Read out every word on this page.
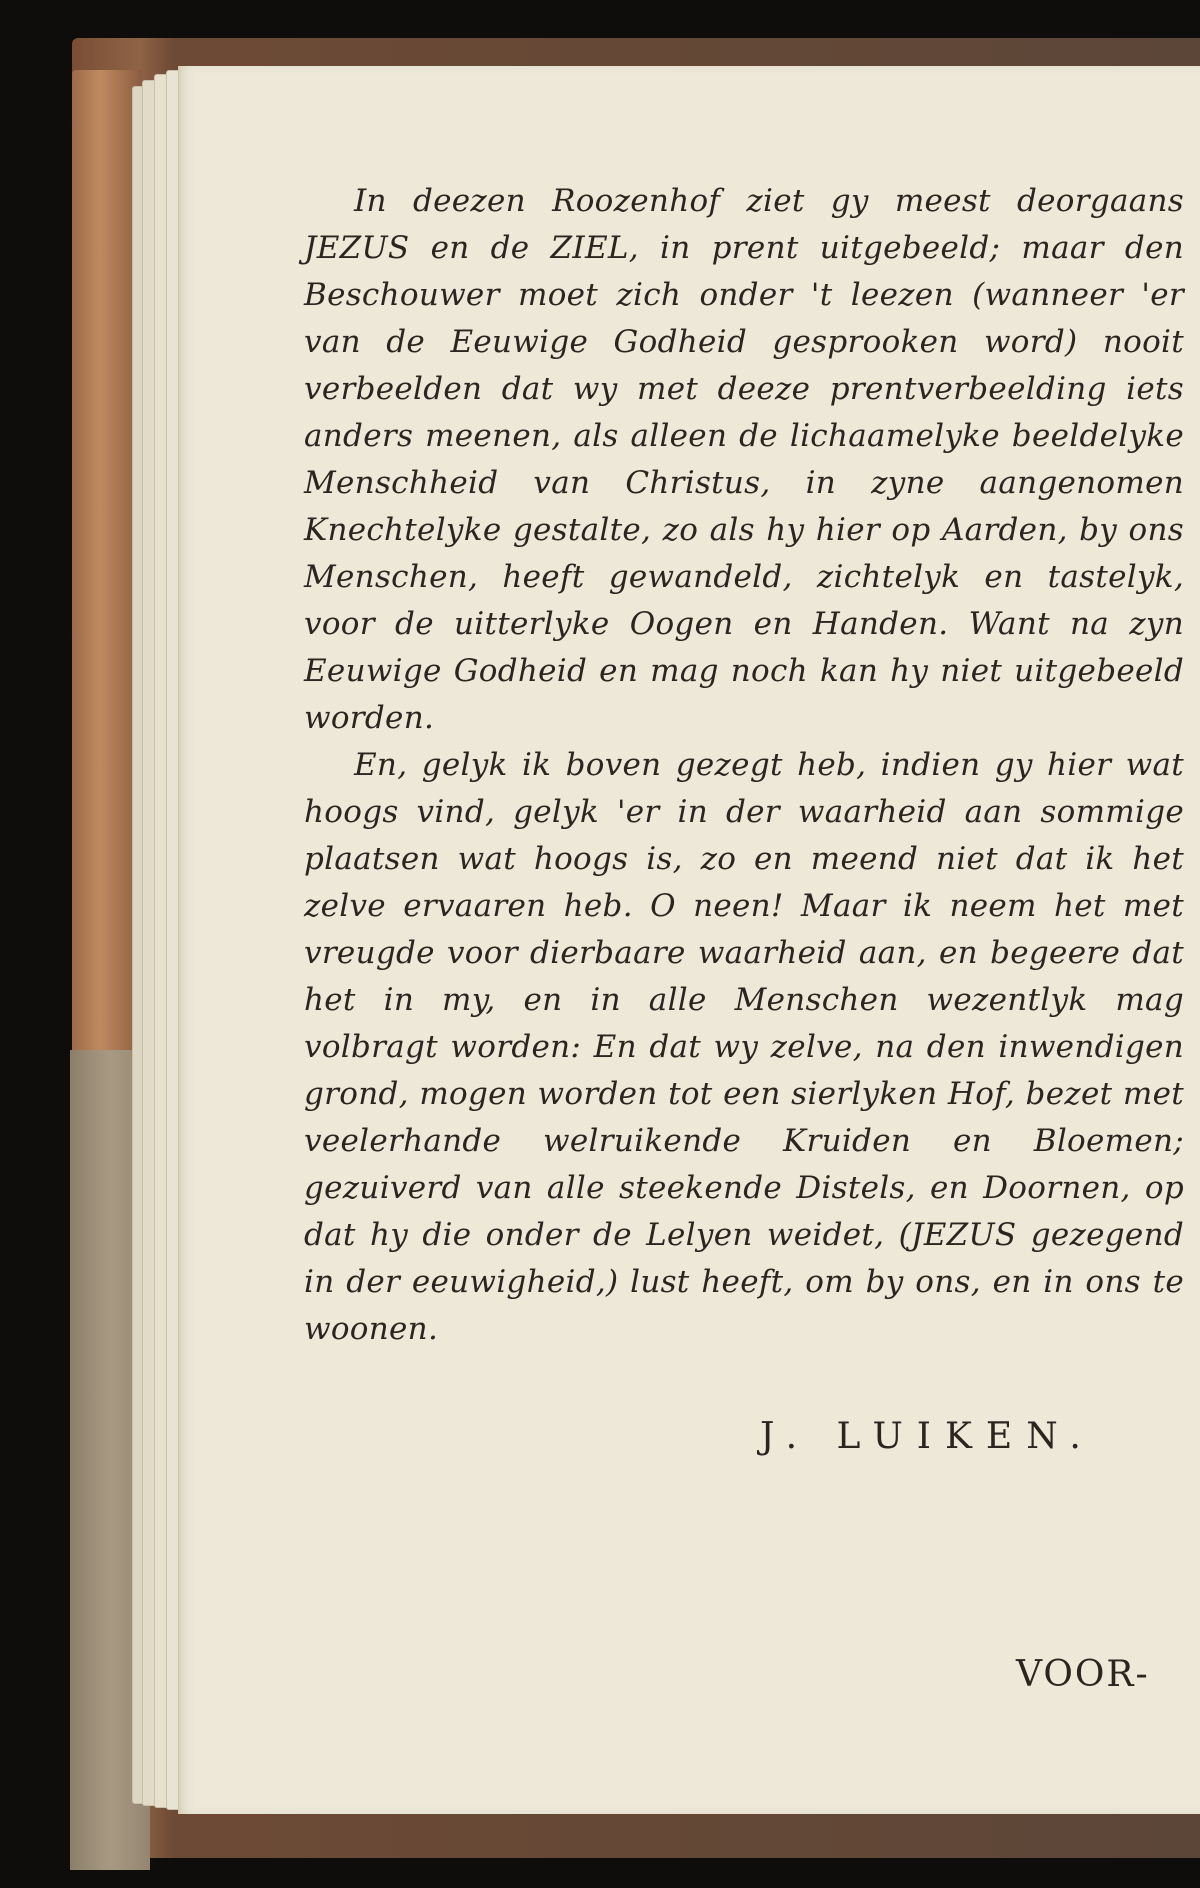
In deezen Roozenhof ziet gy meest deorgaans JEZUS en de ZIEL, in prent uitgebeeld; maar den Beschouwer moet zich onder 't leezen (wanneer 'er van de Eeuwige Godheid gesprooken word) nooit verbeelden dat wy met deeze prentverbeelding iets anders meenen, als alleen de lichaamelyke beeldelyke Menschheid van Christus, in zyne aangenomen Knechtelyke gestalte, zo als hy hier op Aarden, by ons Menschen, heeft gewandeld, zichtelyk en tastelyk, voor de uitterlyke Oogen en Handen. Want na zyn Eeuwige Godheid en mag noch kan hy niet uitgebeeld worden.

En, gelyk ik boven gezegt heb, indien gy hier wat hoogs vind, gelyk 'er in der waarheid aan sommige plaatsen wat hoogs is, zo en meend niet dat ik het zelve ervaaren heb. O neen! Maar ik neem het met vreugde voor dierbaare waarheid aan, en begeere dat het in my, en in alle Menschen wezentlyk mag volbragt worden: En dat wy zelve, na den inwendigen grond, mogen worden tot een sierlyken Hof, bezet met veelerhande welruikende Kruiden en Bloemen; gezuiverd van alle steekende Distels, en Doornen, op dat hy die onder de Lelyen weidet, (JEZUS gezegend in der eeuwigheid,) lust heeft, om by ons, en in ons te woonen.

J. LUIKEN.
VOOR-
